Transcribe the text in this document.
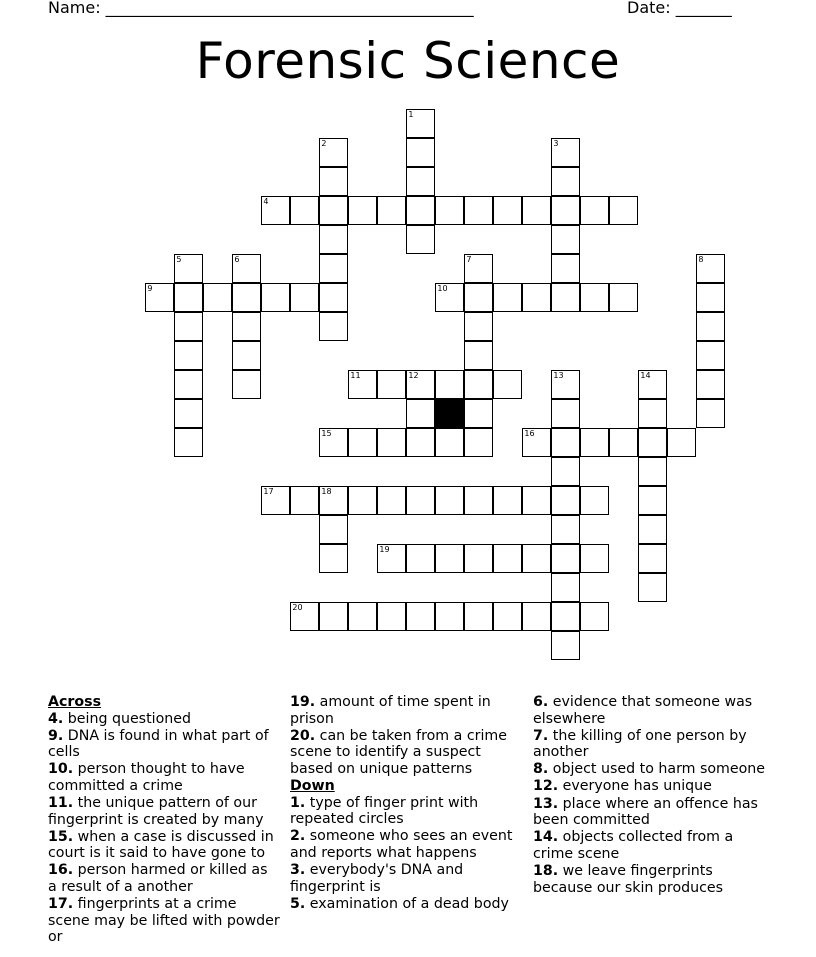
Name: ______________________________________________	Date: _______
Forensic Science
4
9	10
11	12
15	16
17	18
19
20
1
2	3
5	6	7	8
13	14
Across
4. being questioned
9. DNA is found in what part of cells
10. person thought to have committed a crime
11. the unique pattern of our fingerprint is created by many
15. when a case is discussed in court is it said to have gone to
16. person harmed or killed as a result of a another
17. fingerprints at a crime scene may be lifted with powder or
19. amount of time spent in prison
20. can be taken from a crime scene to identify a suspect based on unique patterns
Down
1. type of finger print with repeated circles
2. someone who sees an event and reports what happens
3. everybody's DNA and fingerprint is
5. examination of a dead body
6. evidence that someone was elsewhere
7. the killing of one person by another
8. object used to harm someone
12. everyone has unique
13. place where an offence has been committed
14. objects collected from a crime scene
18. we leave fingerprints because our skin produces
